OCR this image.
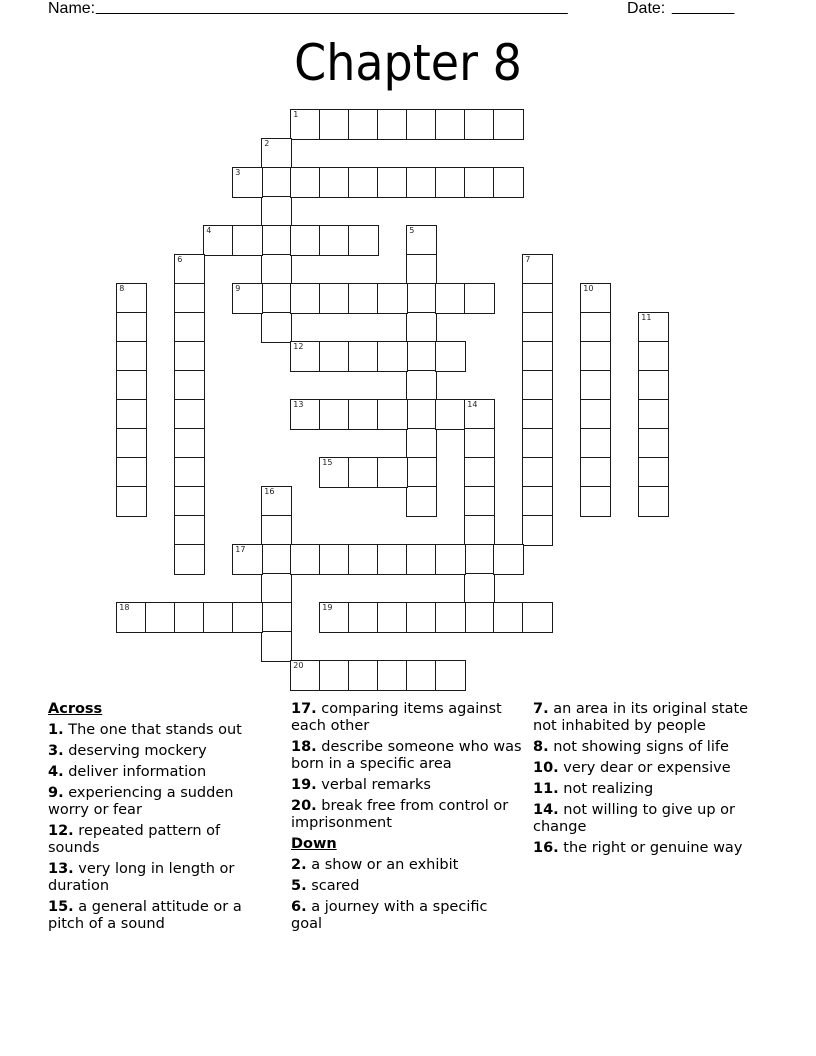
Name: _____________________________________________________	Date: _______
Chapter 8
1
2
3
4	5
6	7
8	9	10
11
12
13	14
15
16
17
18	19
20
Across
1. The one that stands out
3. deserving mockery
4. deliver information
9. experiencing a sudden worry or fear
12. repeated pattern of sounds
13. very long in length or duration
15. a general attitude or a pitch of a sound
17. comparing items against each other
18. describe someone who was born in a specific area
19. verbal remarks
20. break free from control or imprisonment
Down
2. a show or an exhibit
5. scared
6. a journey with a specific goal
7. an area in its original state not inhabited by people
8. not showing signs of life
10. very dear or expensive
11. not realizing
14. not willing to give up or change
16. the right or genuine way
